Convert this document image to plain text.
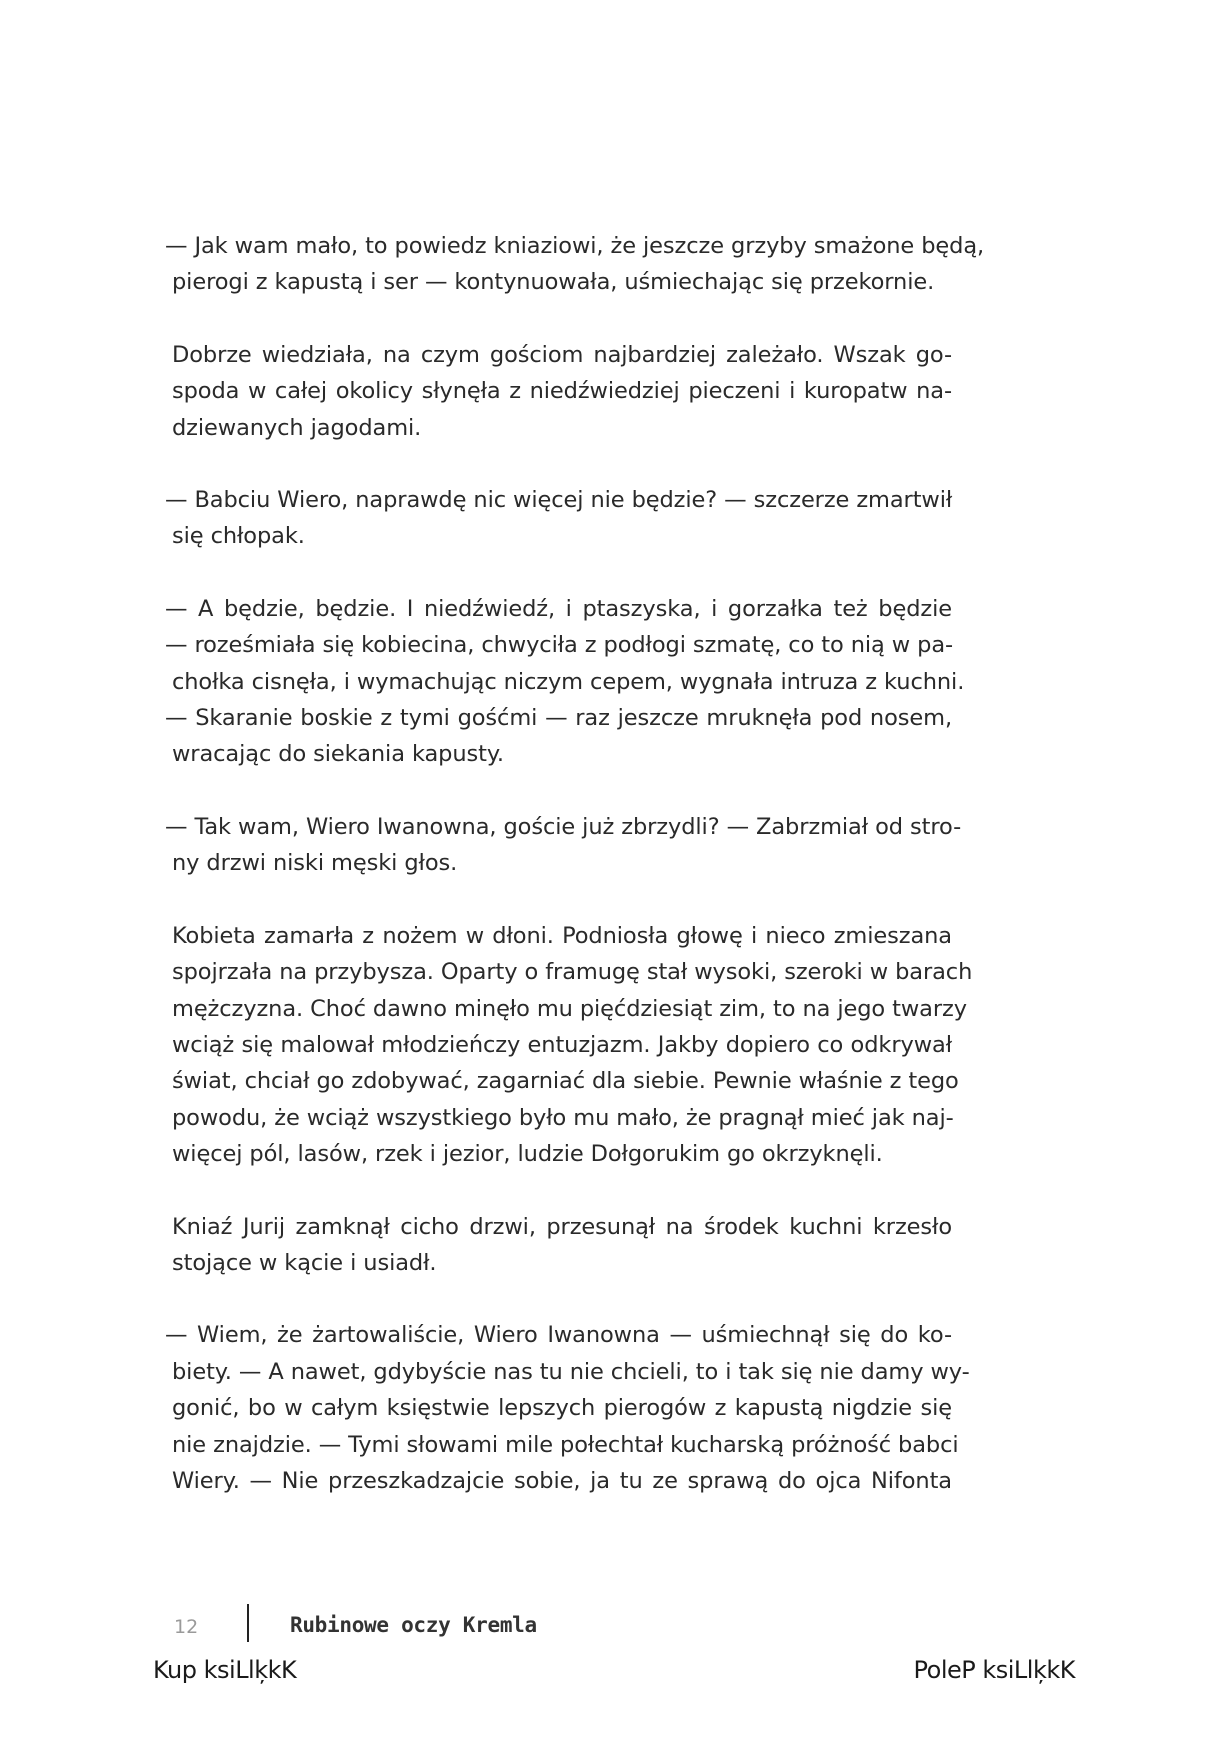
— Jak wam mało, to powiedz kniaziowi, że jeszcze grzyby smażone będą,
pierogi z kapustą i ser — kontynuowała, uśmiechając się przekornie.

Dobrze wiedziała, na czym gościom najbardziej zależało. Wszak go-
spoda w całej okolicy słynęła z niedźwiedziej pieczeni i kuropatw na-
dziewanych jagodami.

— Babciu Wiero, naprawdę nic więcej nie będzie? — szczerze zmartwił
się chłopak.

— A będzie, będzie. I niedźwiedź, i ptaszyska, i gorzałka też będzie
— roześmiała się kobiecina, chwyciła z podłogi szmatę, co to nią w pa-
chołka cisnęła, i wymachując niczym cepem, wygnała intruza z kuchni.
— Skaranie boskie z tymi gośćmi — raz jeszcze mruknęła pod nosem,
wracając do siekania kapusty.

— Tak wam, Wiero Iwanowna, goście już zbrzydli? — Zabrzmiał od stro-
ny drzwi niski męski głos.

Kobieta zamarła z nożem w dłoni. Podniosła głowę i nieco zmieszana
spojrzała na przybysza. Oparty o framugę stał wysoki, szeroki w barach
mężczyzna. Choć dawno minęło mu pięćdziesiąt zim, to na jego twarzy
wciąż się malował młodzieńczy entuzjazm. Jakby dopiero co odkrywał
świat, chciał go zdobywać, zagarniać dla siebie. Pewnie właśnie z tego
powodu, że wciąż wszystkiego było mu mało, że pragnął mieć jak naj-
więcej pól, lasów, rzek i jezior, ludzie Dołgorukim go okrzyknęli.

Kniaź Jurij zamknął cicho drzwi, przesunął na środek kuchni krzesło
stojące w kącie i usiadł.

— Wiem, że żartowaliście, Wiero Iwanowna — uśmiechnął się do ko-
biety. — A nawet, gdybyście nas tu nie chcieli, to i tak się nie damy wy-
gonić, bo w całym księstwie lepszych pierogów z kapustą nigdzie się
nie znajdzie. — Tymi słowami mile połechtał kucharską próżność babci
Wiery. — Nie przeszkadzajcie sobie, ja tu ze sprawą do ojca Nifonta

12	Rubinowe oczy Kremla
Kup ksiLlķkK	PoleP ksiLlķkK
